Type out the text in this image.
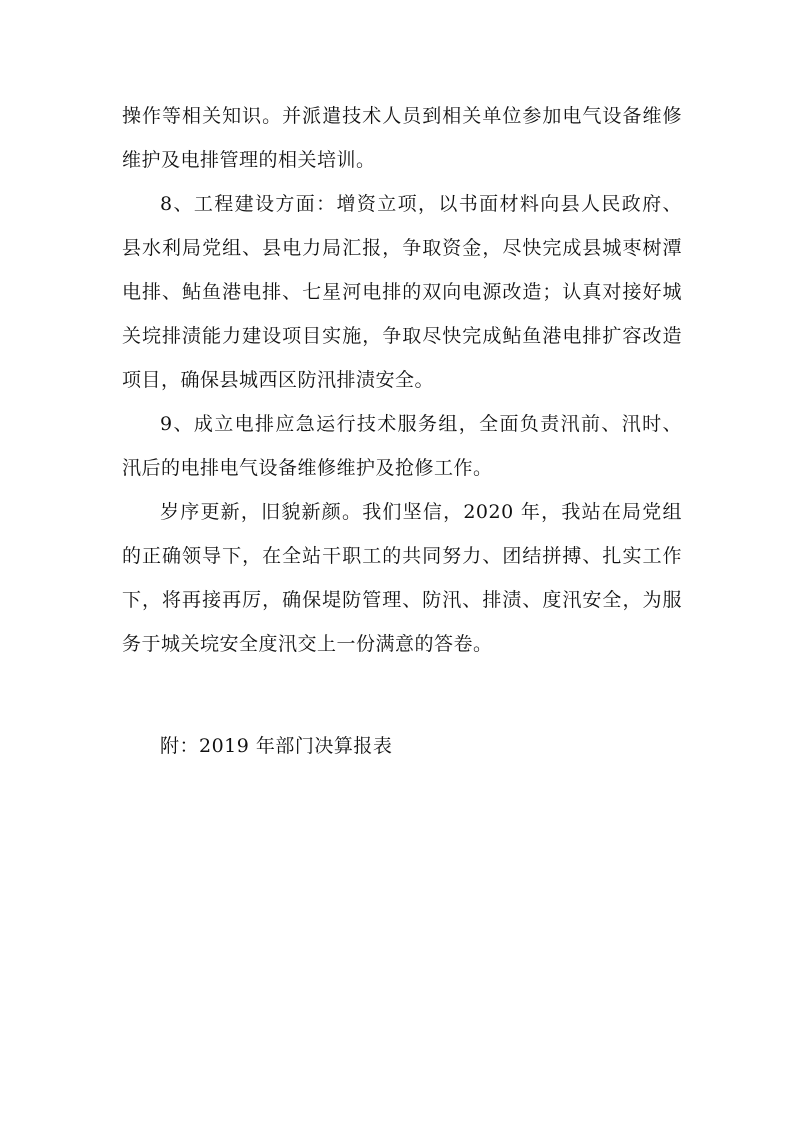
操作等相关知识。并派遣技术人员到相关单位参加电气设备维修
维护及电排管理的相关培训。
8、工程建设方面：增资立项，以书面材料向县人民政府、
县水利局党组、县电力局汇报，争取资金，尽快完成县城枣树潭
电排、鲇鱼港电排、七星河电排的双向电源改造；认真对接好城
关垸排渍能力建设项目实施，争取尽快完成鲇鱼港电排扩容改造
项目，确保县城西区防汛排渍安全。
9、成立电排应急运行技术服务组，全面负责汛前、汛时、
汛后的电排电气设备维修维护及抢修工作。
岁序更新，旧貌新颜。我们坚信，2020 年，我站在局党组
的正确领导下，在全站干职工的共同努力、团结拼搏、扎实工作
下，将再接再厉，确保堤防管理、防汛、排渍、度汛安全，为服
务于城关垸安全度汛交上一份满意的答卷。
附：2019 年部门决算报表
